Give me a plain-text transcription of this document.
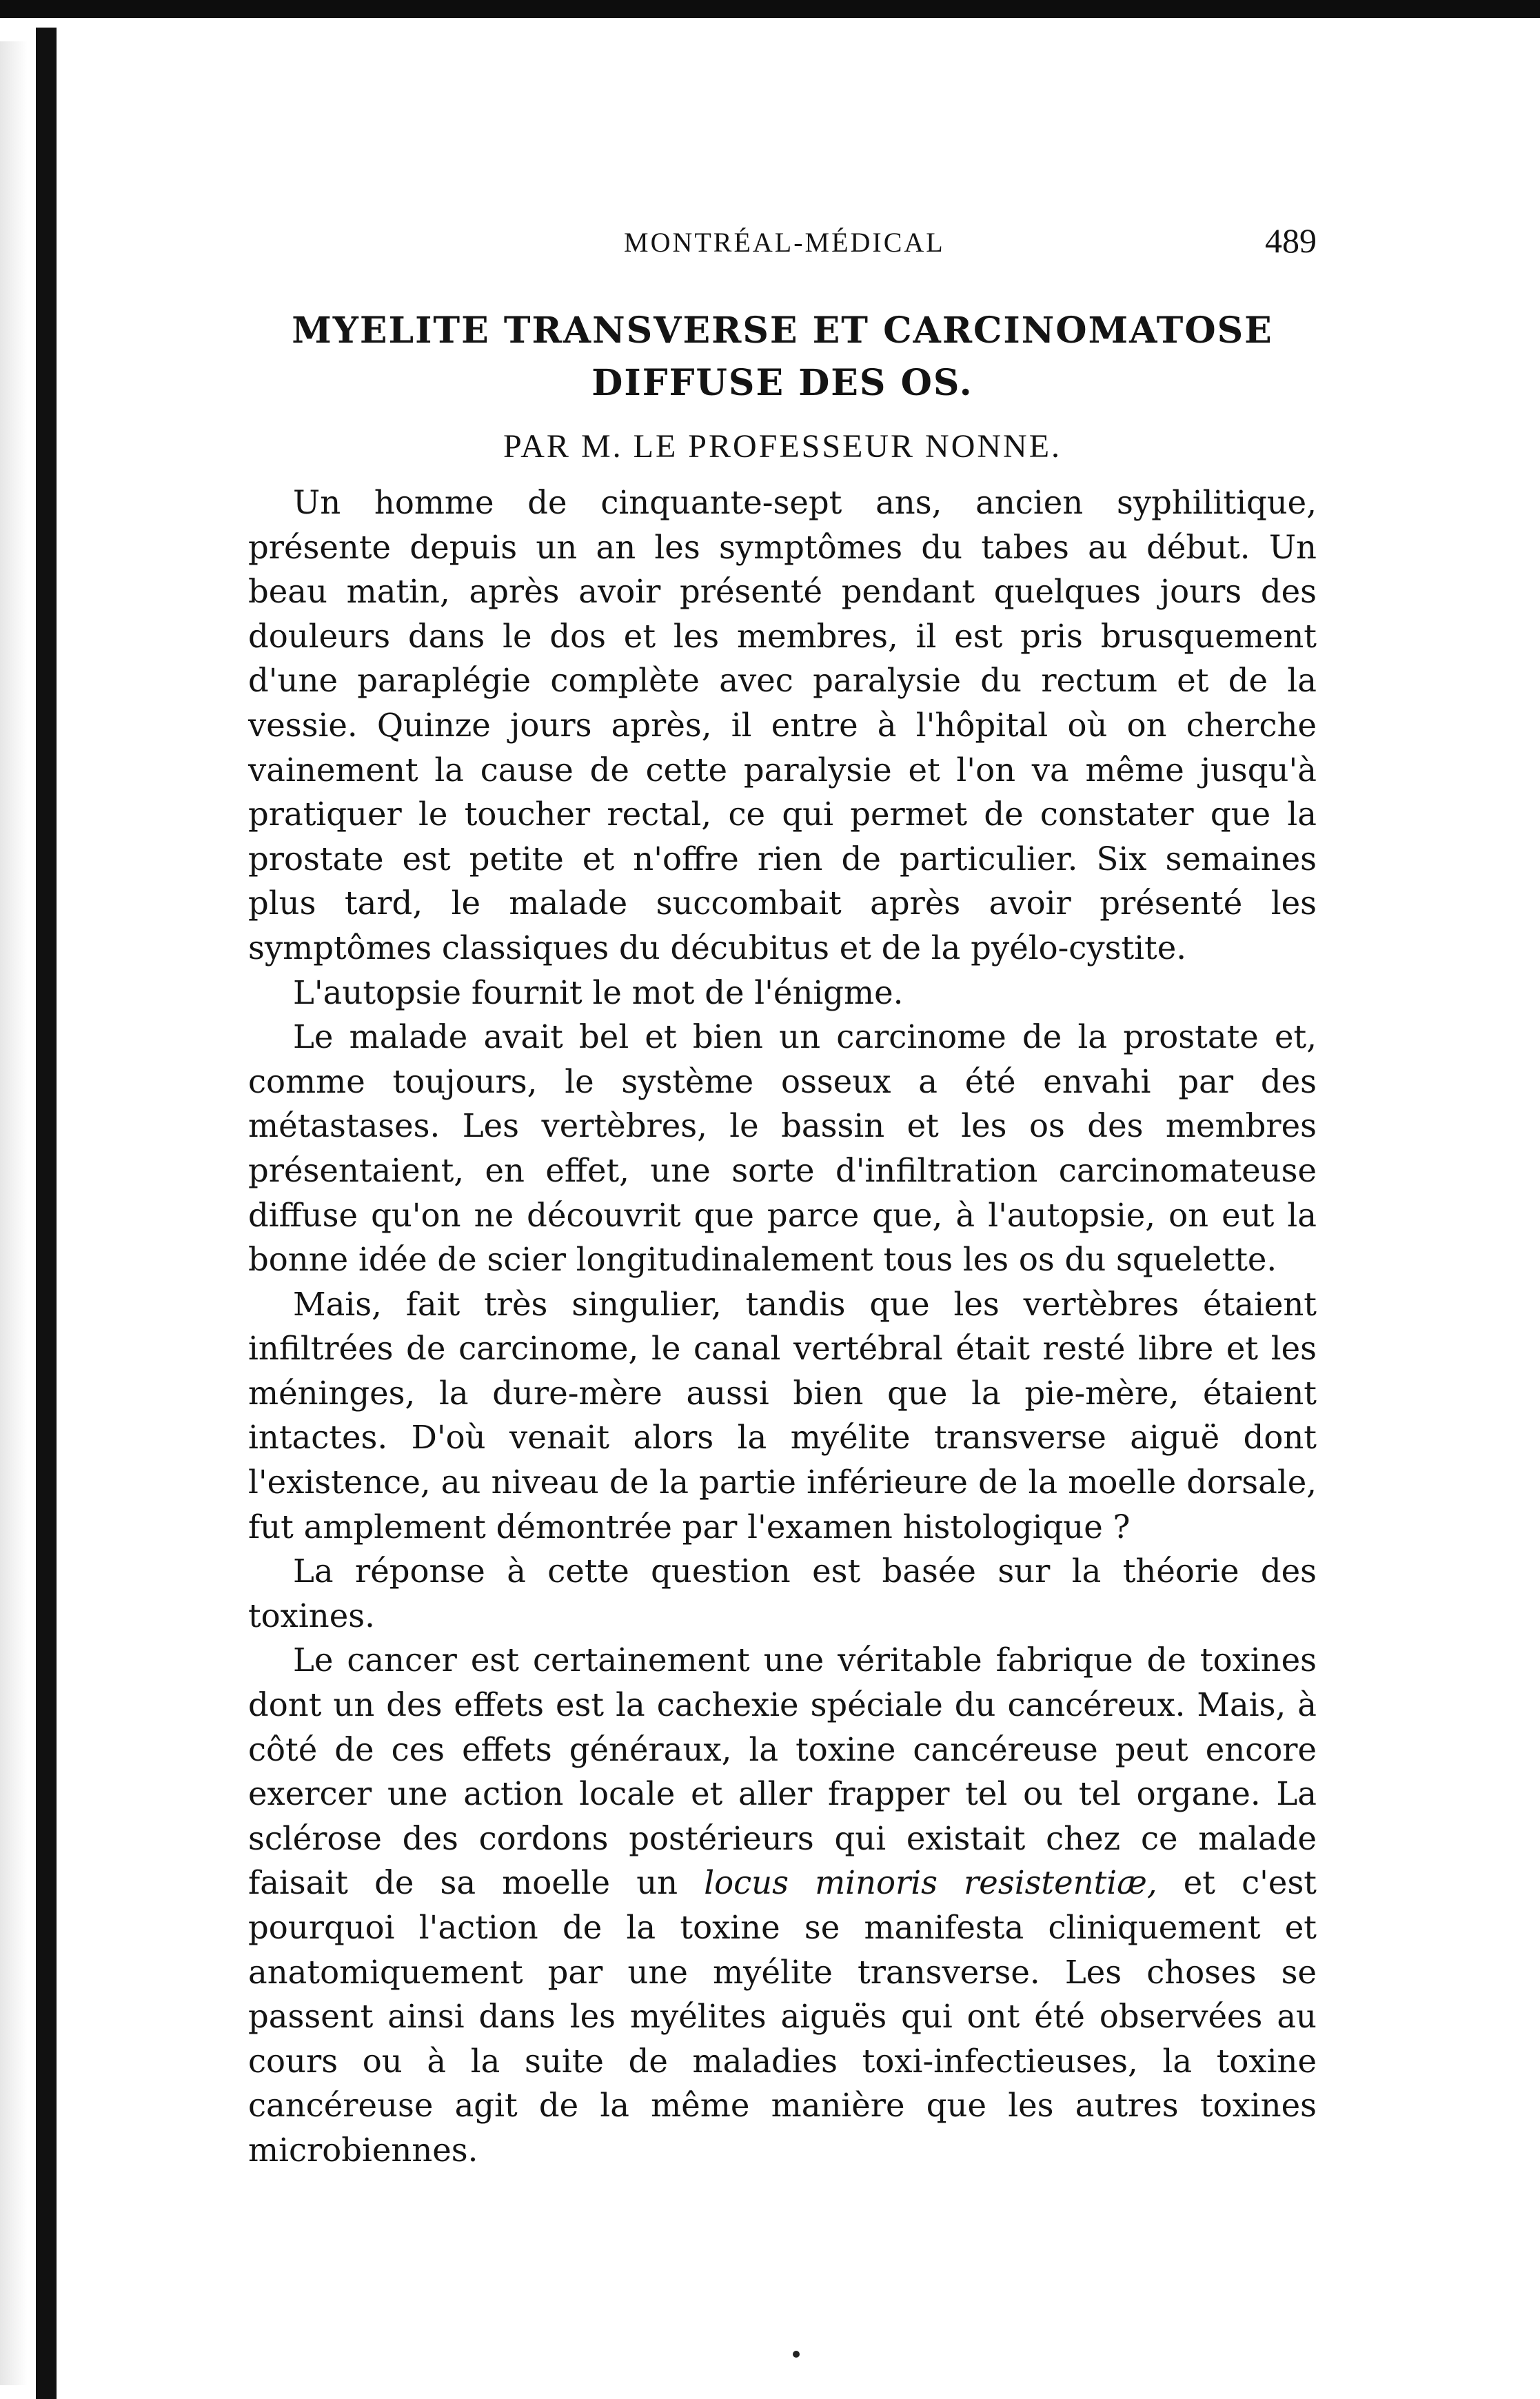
MONTRÉAL-MÉDICAL	489
MYELITE TRANSVERSE ET CARCINOMATOSE
DIFFUSE DES OS.
PAR M. LE PROFESSEUR NONNE.

Un homme de cinquante-sept ans, ancien syphilitique, présente depuis un an les symptômes du tabes au début. Un beau matin, après avoir présenté pendant quelques jours des douleurs dans le dos et les membres, il est pris brusquement d'une paraplégie complète avec paralysie du rectum et de la vessie. Quinze jours après, il entre à l'hôpital où on cherche vainement la cause de cette paralysie et l'on va même jusqu'à pratiquer le toucher rectal, ce qui permet de constater que la prostate est petite et n'offre rien de particulier. Six semaines plus tard, le malade succombait après avoir présenté les symptômes classiques du décubitus et de la pyélo-cystite.

L'autopsie fournit le mot de l'énigme.

Le malade avait bel et bien un carcinome de la prostate et, comme toujours, le système osseux a été envahi par des métastases. Les vertèbres, le bassin et les os des membres présentaient, en effet, une sorte d'infiltration carcinomateuse diffuse qu'on ne découvrit que parce que, à l'autopsie, on eut la bonne idée de scier longitudinalement tous les os du squelette.

Mais, fait très singulier, tandis que les vertèbres étaient infiltrées de carcinome, le canal vertébral était resté libre et les méninges, la dure-mère aussi bien que la pie-mère, étaient intactes. D'où venait alors la myélite transverse aiguë dont l'existence, au niveau de la partie inférieure de la moelle dorsale, fut amplement démontrée par l'examen histologique ?

La réponse à cette question est basée sur la théorie des toxines.

Le cancer est certainement une véritable fabrique de toxines dont un des effets est la cachexie spéciale du cancéreux. Mais, à côté de ces effets généraux, la toxine cancéreuse peut encore exercer une action locale et aller frapper tel ou tel organe. La sclérose des cordons postérieurs qui existait chez ce malade faisait de sa moelle un locus minoris resistentiæ, et c'est pourquoi l'action de la toxine se manifesta cliniquement et anatomiquement par une myélite transverse. Les choses se passent ainsi dans les myélites aiguës qui ont été observées au cours ou à la suite de maladies toxi-infectieuses, la toxine cancéreuse agit de la même manière que les autres toxines microbiennes.
